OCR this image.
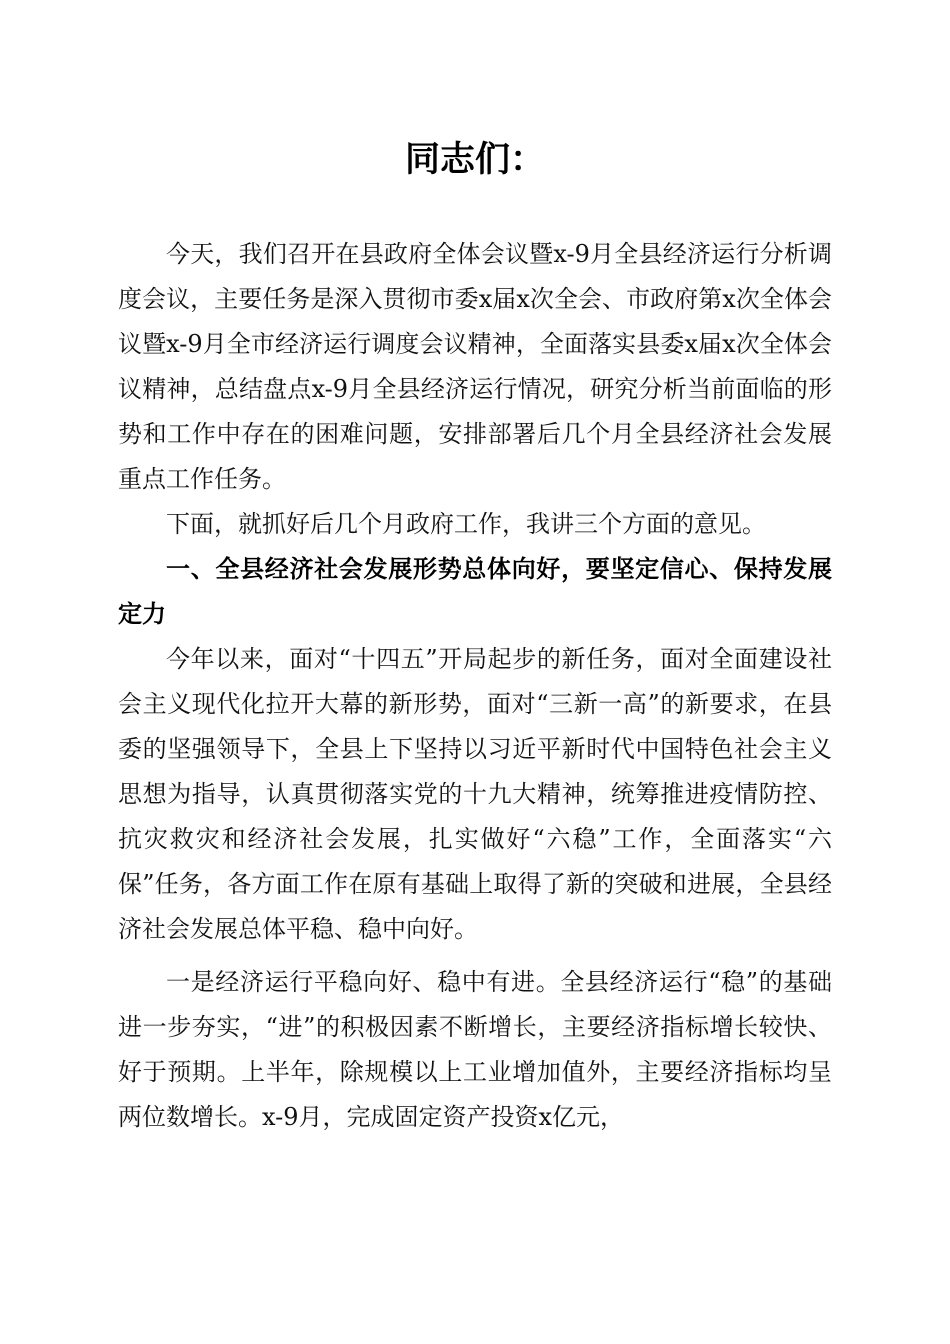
同志们：

今天，我们召开在县政府全体会议暨x-9月全县经济运行分析调度会议，主要任务是深入贯彻市委x届x次全会、市政府第x次全体会议暨x-9月全市经济运行调度会议精神，全面落实县委x届x次全体会议精神，总结盘点x-9月全县经济运行情况，研究分析当前面临的形势和工作中存在的困难问题，安排部署后几个月全县经济社会发展重点工作任务。

下面，就抓好后几个月政府工作，我讲三个方面的意见。

一、全县经济社会发展形势总体向好，要坚定信心、保持发展定力

今年以来，面对“十四五”开局起步的新任务，面对全面建设社会主义现代化拉开大幕的新形势，面对“三新一高”的新要求，在县委的坚强领导下，全县上下坚持以习近平新时代中国特色社会主义思想为指导，认真贯彻落实党的十九大精神，统筹推进疫情防控、抗灾救灾和经济社会发展，扎实做好“六稳”工作，全面落实“六保”任务，各方面工作在原有基础上取得了新的突破和进展，全县经济社会发展总体平稳、稳中向好。

一是经济运行平稳向好、稳中有进。全县经济运行“稳”的基础进一步夯实，“进”的积极因素不断增长，主要经济指标增长较快、好于预期。上半年，除规模以上工业增加值外，主要经济指标均呈两位数增长。x-9月，完成固定资产投资x亿元，
